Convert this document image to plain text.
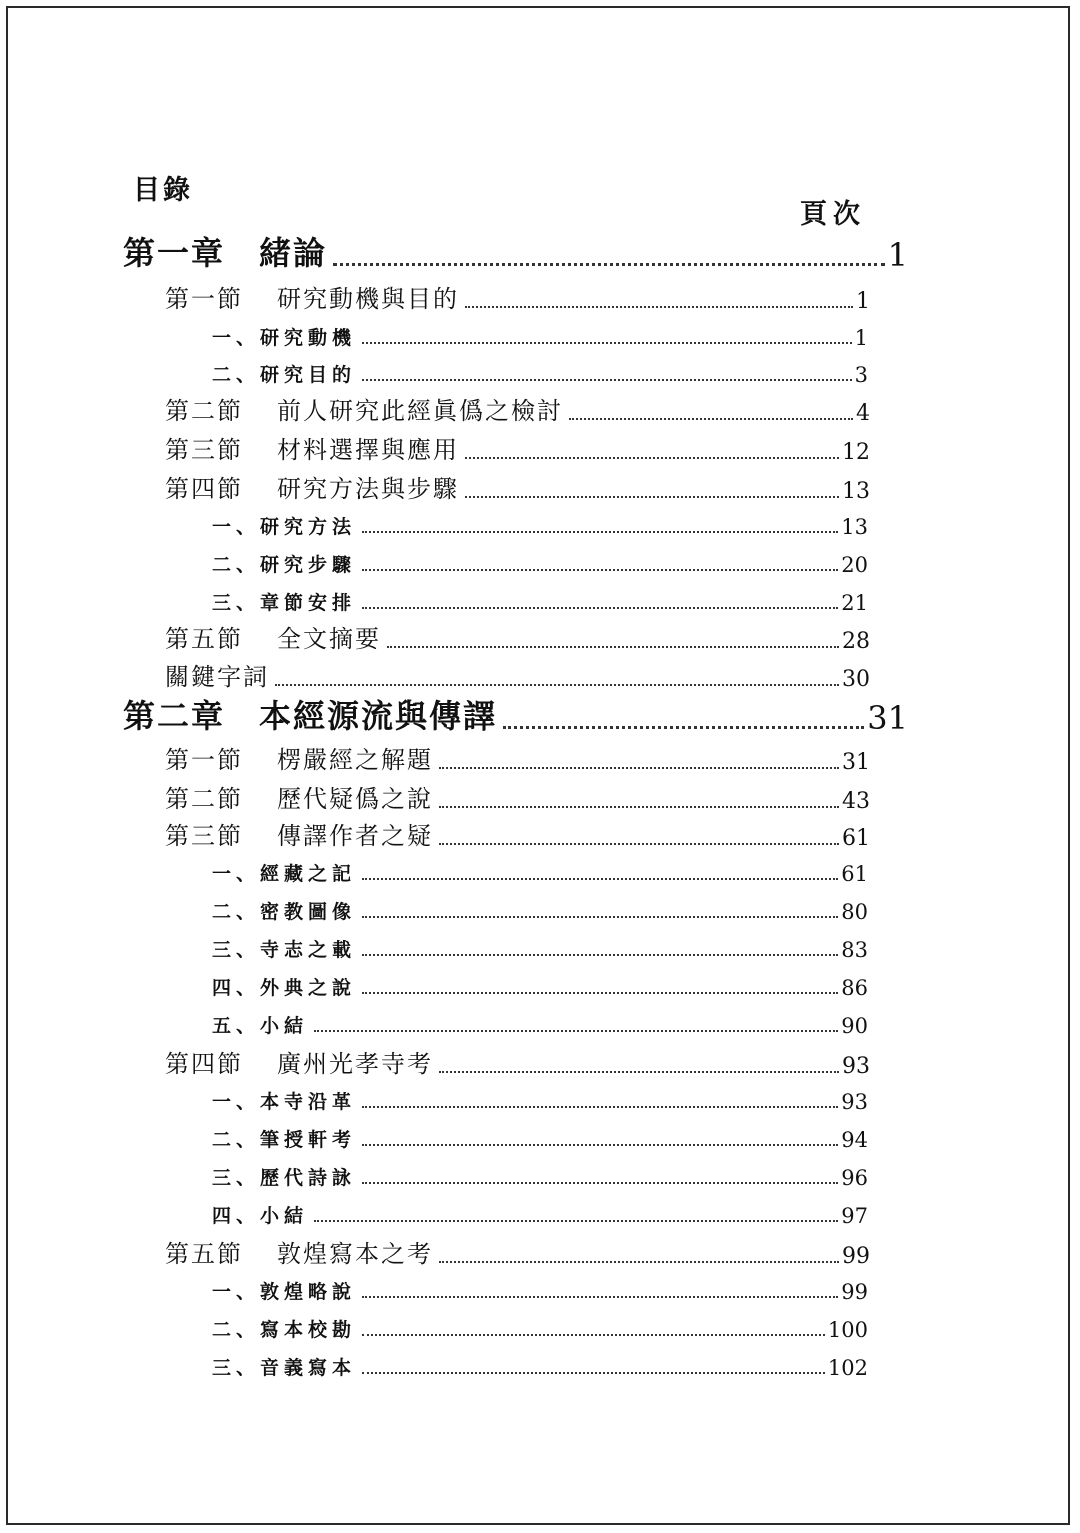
目錄
頁次
第一章 緒論	1
第一節 研究動機與目的	1
一、研究動機	1
二、研究目的	3
第二節 前人研究此經眞僞之檢討	4
第三節 材料選擇與應用	12
第四節 研究方法與步驟	13
一、研究方法	13
二、研究步驟	20
三、章節安排	21
第五節 全文摘要	28
關鍵字詞	30
第二章 本經源流與傳譯	31
第一節 楞嚴經之解題	31
第二節 歷代疑僞之說	43
第三節 傳譯作者之疑	61
一、經藏之記	61
二、密教圖像	80
三、寺志之載	83
四、外典之說	86
五、小結	90
第四節 廣州光孝寺考	93
一、本寺沿革	93
二、筆授軒考	94
三、歷代詩詠	96
四、小結	97
第五節 敦煌寫本之考	99
一、敦煌略說	99
二、寫本校勘	100
三、音義寫本	102
